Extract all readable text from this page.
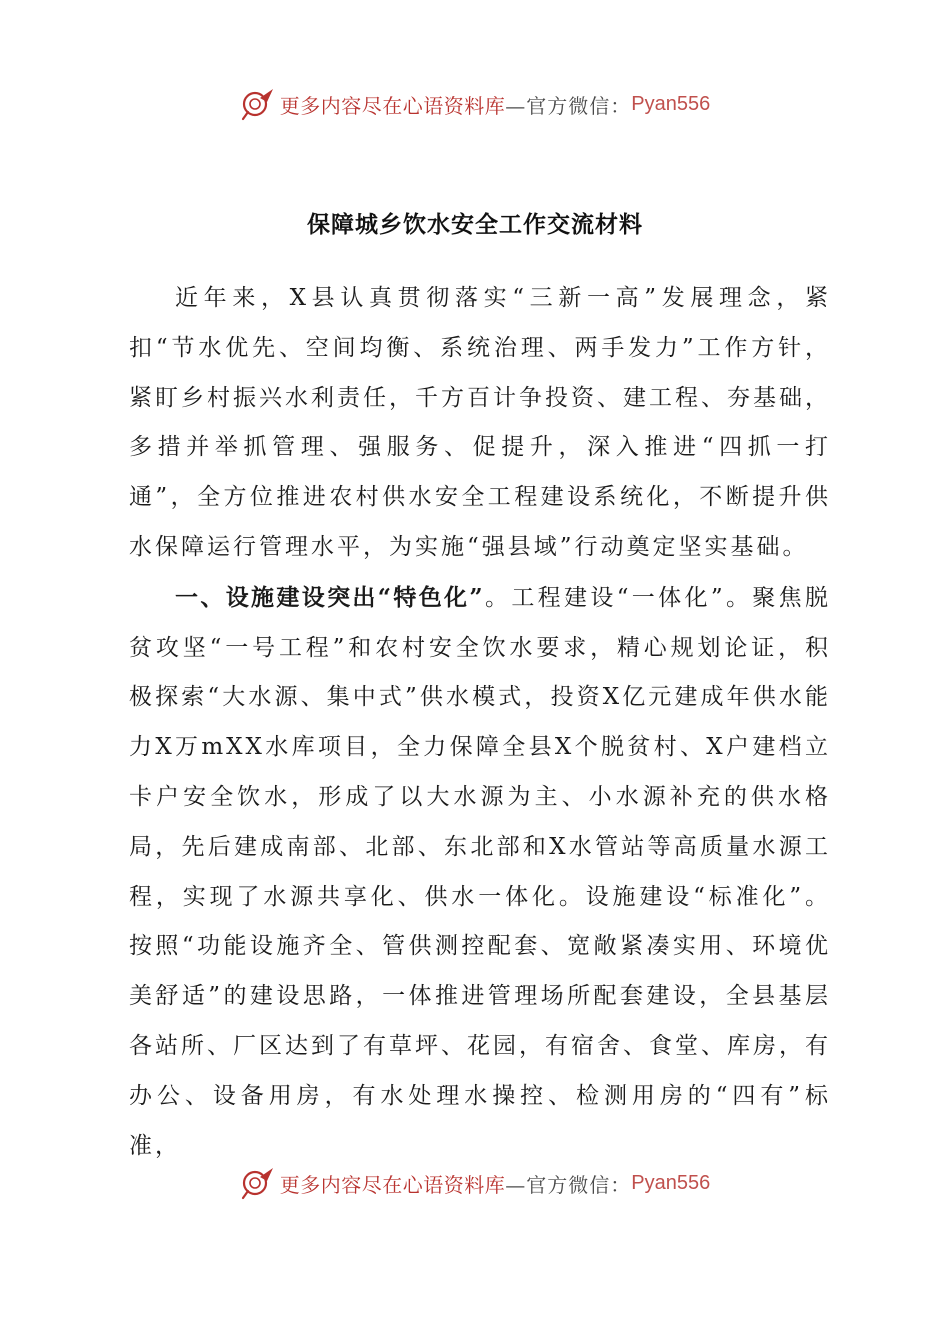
更多内容尽在心语资料库 —官方微信： Pyan556
保障城乡饮水安全工作交流材料

近年来，X县认真贯彻落实“三新一高”发展理念，紧扣“节水优先、空间均衡、系统治理、两手发力”工作方针，紧盯乡村振兴水利责任，千方百计争投资、建工程、夯基础，多措并举抓管理、强服务、促提升，深入推进“四抓一打通”，全方位推进农村供水安全工程建设系统化，不断提升供水保障运行管理水平，为实施“强县域”行动奠定坚实基础。

一、设施建设突出“特色化”。工程建设“一体化”。聚焦脱贫攻坚“一号工程”和农村安全饮水要求，精心规划论证，积极探索“大水源、集中式”供水模式，投资X亿元建成年供水能力X万mXX水库项目，全力保障全县X个脱贫村、X户建档立卡户安全饮水，形成了以大水源为主、小水源补充的供水格局，先后建成南部、北部、东北部和X水管站等高质量水源工程，实现了水源共享化、供水一体化。设施建设“标准化”。按照“功能设施齐全、管供测控配套、宽敞紧凑实用、环境优美舒适”的建设思路，一体推进管理场所配套建设，全县基层各站所、厂区达到了有草坪、花园，有宿舍、食堂、库房，有办公、设备用房，有水处理水操控、检测用房的“四有”标准，

更多内容尽在心语资料库 —官方微信： Pyan556
